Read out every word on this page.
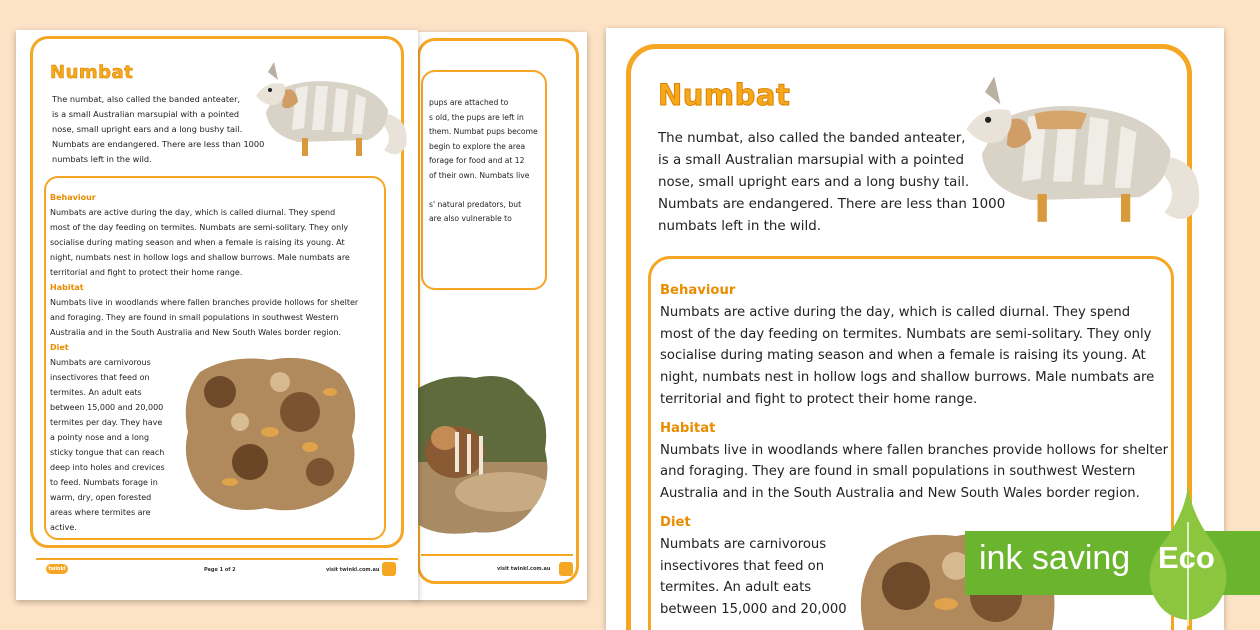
pups are attached to
s old, the pups are left in
them. Numbat pups become
begin to explore the area
forage for food and at 12
of their own. Numbats live
s' natural predators, but
are also vulnerable to
visit twinkl.com.au
Numbat
The numbat, also called the banded anteater,
is a small Australian marsupial with a pointed
nose, small upright ears and a long bushy tail.
Numbats are endangered. There are less than 1000
numbats left in the wild.
Behaviour
Numbats are active during the day, which is called diurnal. They spend
most of the day feeding on termites. Numbats are semi-solitary. They only
socialise during mating season and when a female is raising its young. At
night, numbats nest in hollow logs and shallow burrows. Male numbats are
territorial and fight to protect their home range.
Habitat
Numbats live in woodlands where fallen branches provide hollows for shelter
and foraging. They are found in small populations in southwest Western
Australia and in the South Australia and New South Wales border region.
Diet
Numbats are carnivorous
insectivores that feed on
termites. An adult eats
between 15,000 and 20,000
termites per day. They have
a pointy nose and a long
sticky tongue that can reach
deep into holes and crevices
to feed. Numbats forage in
warm, dry, open forested
areas where termites are
active.
twinkl	Page 1 of 2	visit twinkl.com.au
Numbat
The numbat, also called the banded anteater,
is a small Australian marsupial with a pointed
nose, small upright ears and a long bushy tail.
Numbats are endangered. There are less than 1000
numbats left in the wild.
Behaviour
Numbats are active during the day, which is called diurnal. They spend
most of the day feeding on termites. Numbats are semi-solitary. They only
socialise during mating season and when a female is raising its young. At
night, numbats nest in hollow logs and shallow burrows. Male numbats are
territorial and fight to protect their home range.
Habitat
Numbats live in woodlands where fallen branches provide hollows for shelter
and foraging. They are found in small populations in southwest Western
Australia and in the South Australia and New South Wales border region.
Diet
Numbats are carnivorous
insectivores that feed on
termites. An adult eats
between 15,000 and 20,000
ink saving Eco
